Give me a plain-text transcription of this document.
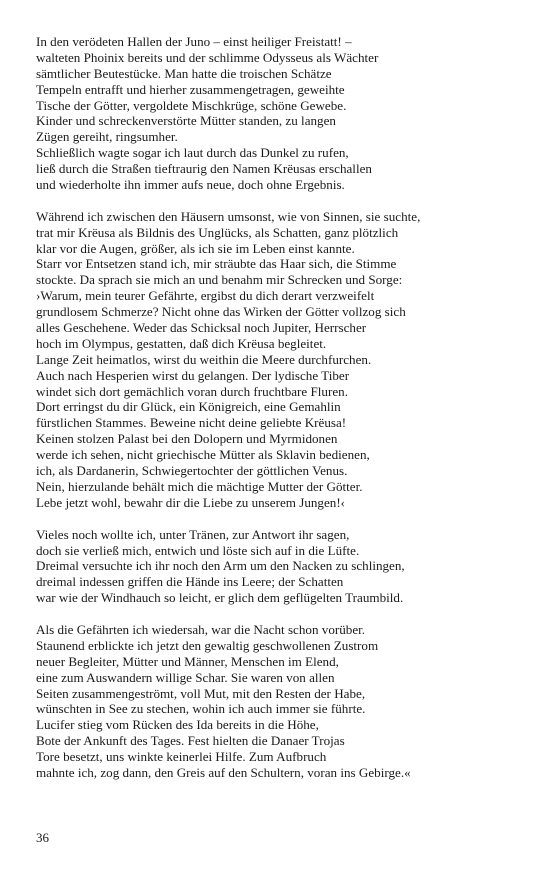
In den verödeten Hallen der Juno – einst heiliger Freistatt! –
walteten Phoinix bereits und der schlimme Odysseus als Wächter
sämtlicher Beutestücke. Man hatte die troischen Schätze
Tempeln entrafft und hierher zusammengetragen, geweihte
Tische der Götter, vergoldete Mischkrüge, schöne Gewebe.
Kinder und schreckenverstörte Mütter standen, zu langen
Zügen gereiht, ringsumher.
Schließlich wagte sogar ich laut durch das Dunkel zu rufen,
ließ durch die Straßen tieftraurig den Namen Krëusas erschallen
und wiederholte ihn immer aufs neue, doch ohne Ergebnis.
Während ich zwischen den Häusern umsonst, wie von Sinnen, sie suchte,
trat mir Krëusa als Bildnis des Unglücks, als Schatten, ganz plötzlich
klar vor die Augen, größer, als ich sie im Leben einst kannte.
Starr vor Entsetzen stand ich, mir sträubte das Haar sich, die Stimme
stockte. Da sprach sie mich an und benahm mir Schrecken und Sorge:
›Warum, mein teurer Gefährte, ergibst du dich derart verzweifelt
grundlosem Schmerze? Nicht ohne das Wirken der Götter vollzog sich
alles Geschehene. Weder das Schicksal noch Jupiter, Herrscher
hoch im Olympus, gestatten, daß dich Krëusa begleitet.
Lange Zeit heimatlos, wirst du weithin die Meere durchfurchen.
Auch nach Hesperien wirst du gelangen. Der lydische Tiber
windet sich dort gemächlich voran durch fruchtbare Fluren.
Dort erringst du dir Glück, ein Königreich, eine Gemahlin
fürstlichen Stammes. Beweine nicht deine geliebte Krëusa!
Keinen stolzen Palast bei den Dolopern und Myrmidonen
werde ich sehen, nicht griechische Mütter als Sklavin bedienen,
ich, als Dardanerin, Schwiegertochter der göttlichen Venus.
Nein, hierzulande behält mich die mächtige Mutter der Götter.
Lebe jetzt wohl, bewahr dir die Liebe zu unserem Jungen!‹
Vieles noch wollte ich, unter Tränen, zur Antwort ihr sagen,
doch sie verließ mich, entwich und löste sich auf in die Lüfte.
Dreimal versuchte ich ihr noch den Arm um den Nacken zu schlingen,
dreimal indessen griffen die Hände ins Leere; der Schatten
war wie der Windhauch so leicht, er glich dem geflügelten Traumbild.
Als die Gefährten ich wiedersah, war die Nacht schon vorüber.
Staunend erblickte ich jetzt den gewaltig geschwollenen Zustrom
neuer Begleiter, Mütter und Männer, Menschen im Elend,
eine zum Auswandern willige Schar. Sie waren von allen
Seiten zusammengeströmt, voll Mut, mit den Resten der Habe,
wünschten in See zu stechen, wohin ich auch immer sie führte.
Lucifer stieg vom Rücken des Ida bereits in die Höhe,
Bote der Ankunft des Tages. Fest hielten die Danaer Trojas
Tore besetzt, uns winkte keinerlei Hilfe. Zum Aufbruch
mahnte ich, zog dann, den Greis auf den Schultern, voran ins Gebirge.«
36
